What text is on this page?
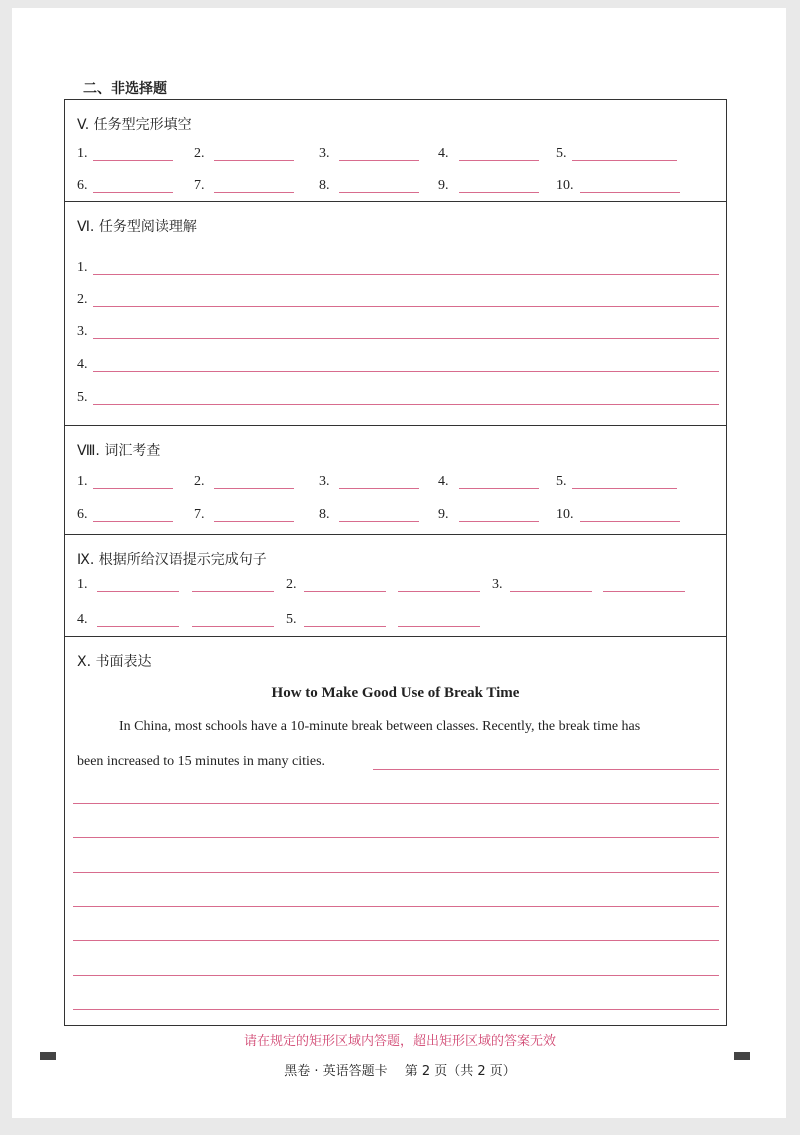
二、非选择题
V. 任务型完形填空
1.	2.	3.	4.	5.
6.	7.	8.	9.	10.
Ⅵ. 任务型阅读理解
1.
2.
3.
4.
5.
Ⅷ. 词汇考查
1.	2.	3.	4.	5.
6.	7.	8.	9.	10.
Ⅸ. 根据所给汉语提示完成句子
1.	2.	3.
4.	5.
X. 书面表达
How to Make Good Use of Break Time
In China, most schools have a 10-minute break between classes. Recently, the break time has
been increased to 15 minutes in many cities.
请在规定的矩形区域内答题，超出矩形区域的答案无效
黑卷 · 英语答题卡　 第 2 页（共 2 页）
